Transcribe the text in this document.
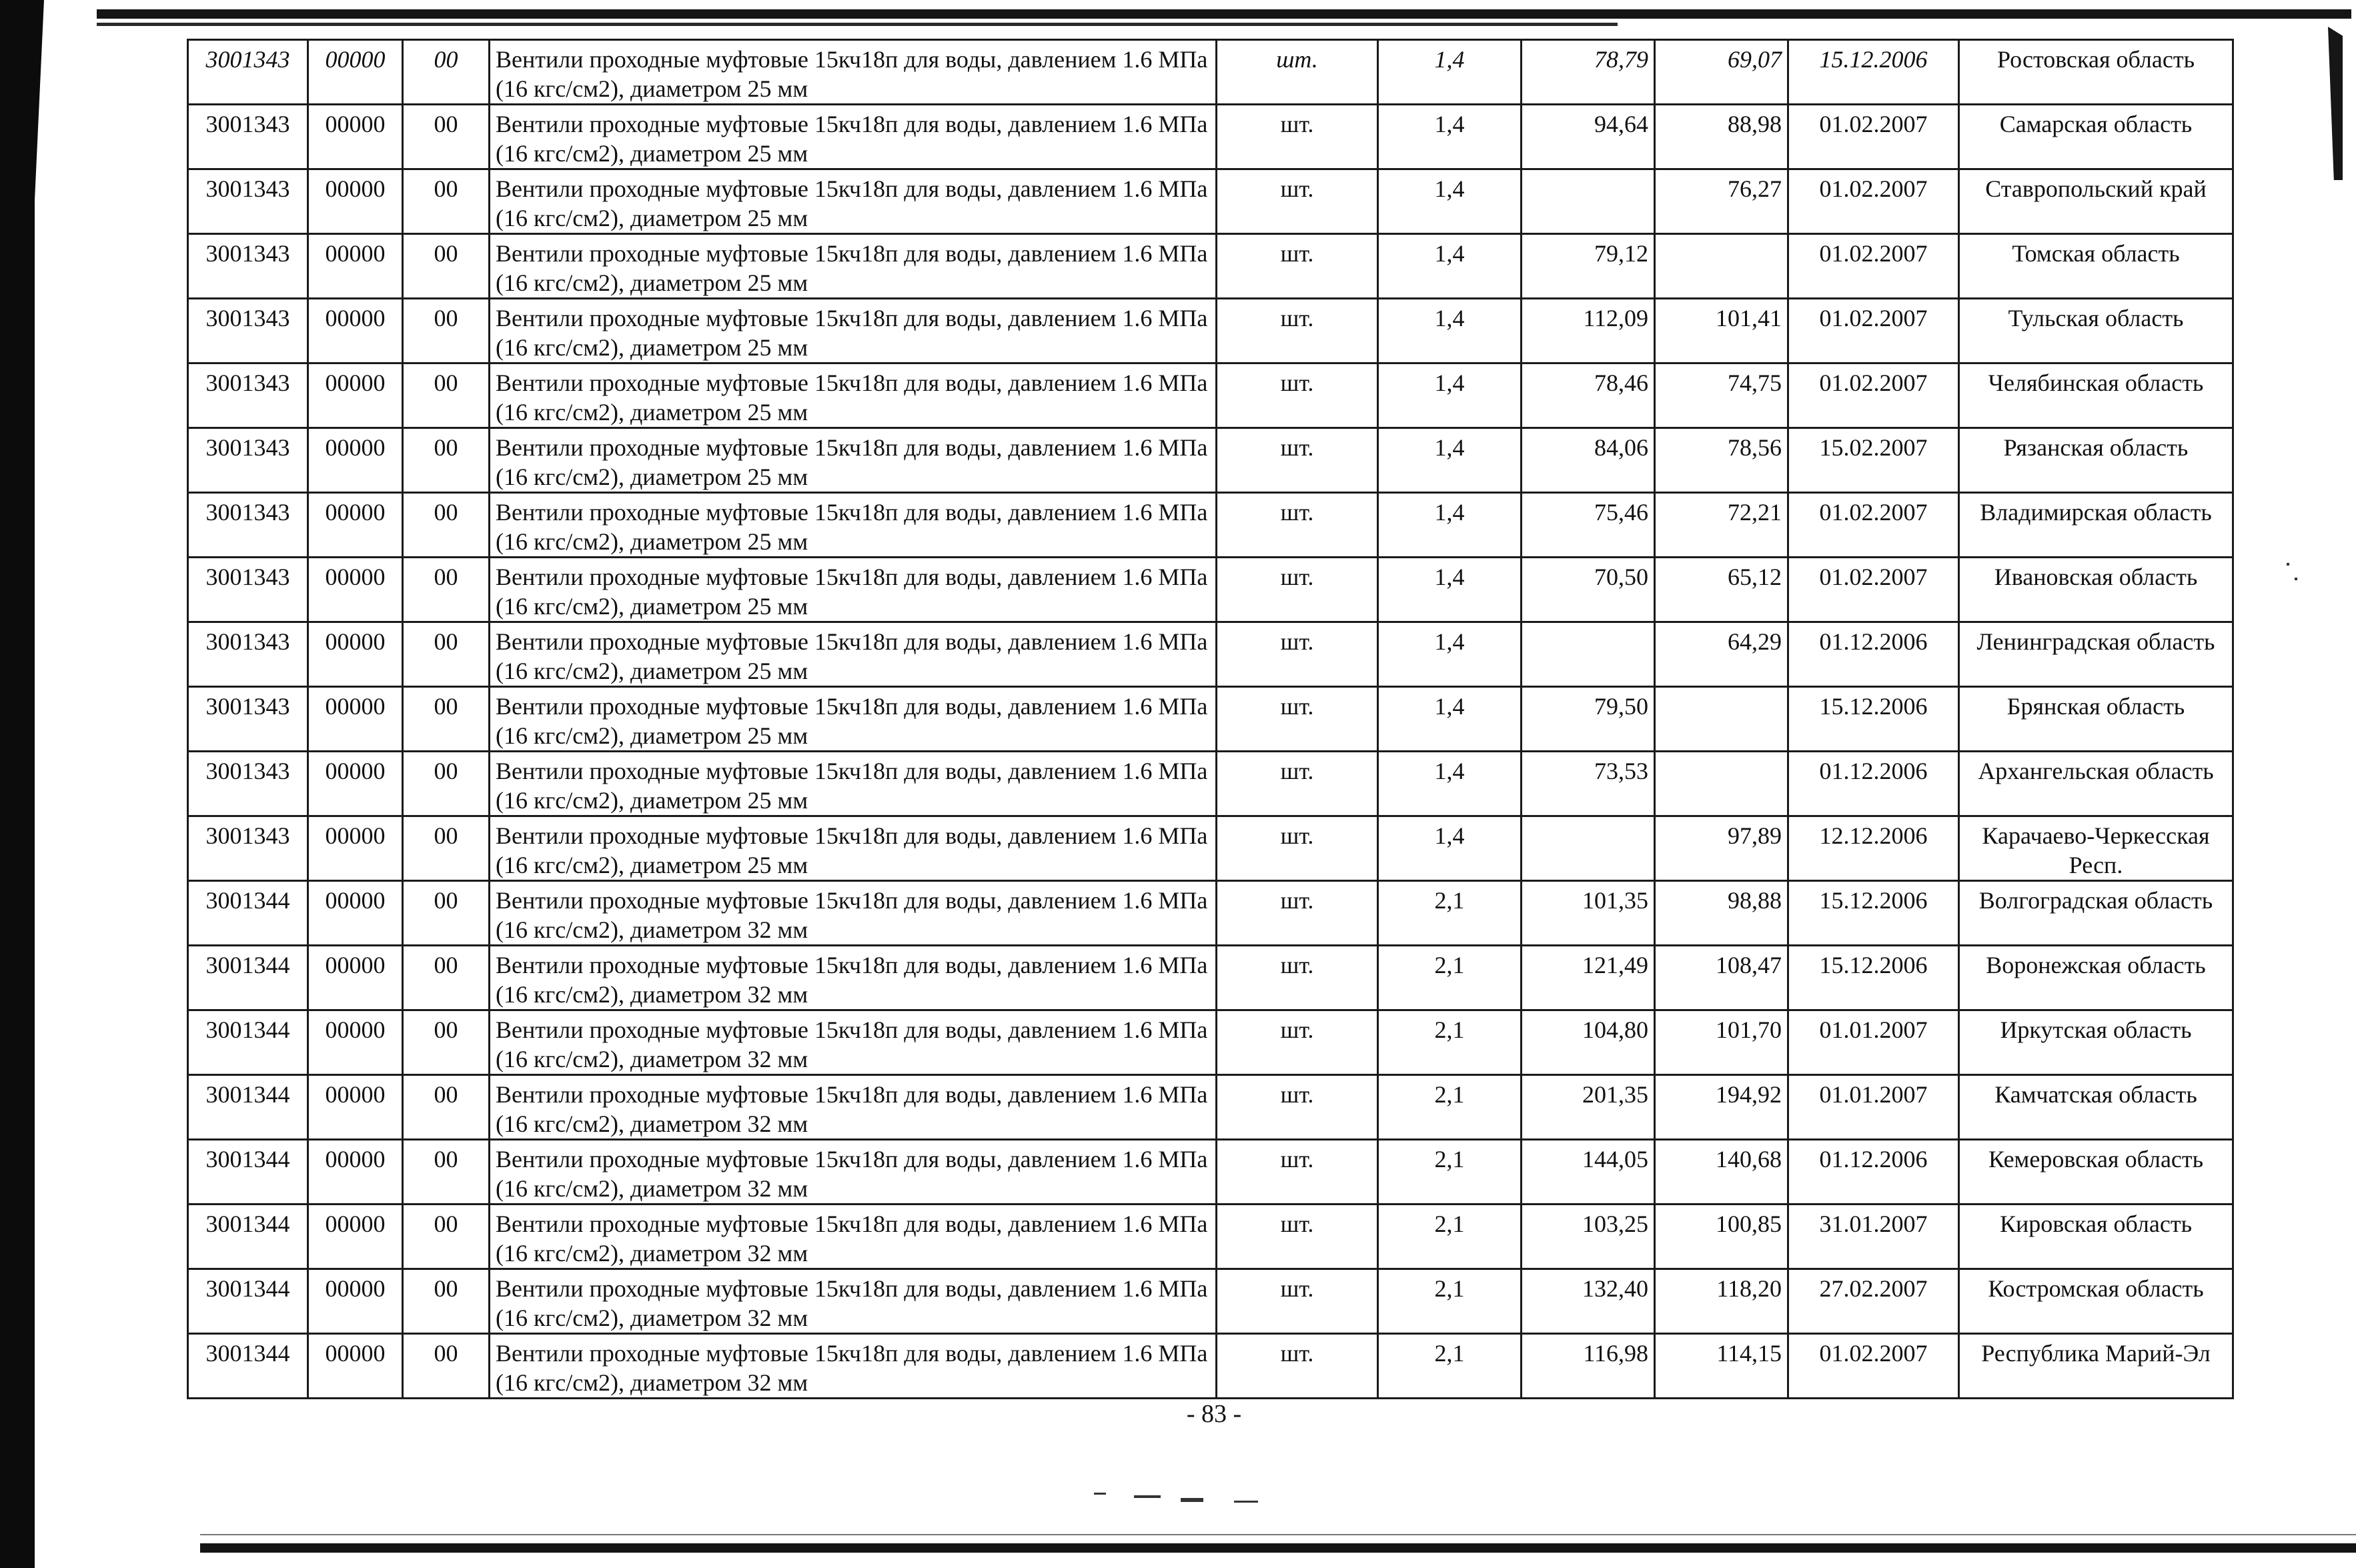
3001343	00000	00	Вентили проходные муфтовые 15кч18п для воды, давлением 1.6 МПа (16 кгс/см2), диаметром 25 мм	шт.	1,4	78,79	69,07	15.12.2006	Ростовская область
3001343	00000	00	Вентили проходные муфтовые 15кч18п для воды, давлением 1.6 МПа (16 кгс/см2), диаметром 25 мм	шт.	1,4	94,64	88,98	01.02.2007	Самарская область
3001343	00000	00	Вентили проходные муфтовые 15кч18п для воды, давлением 1.6 МПа (16 кгс/см2), диаметром 25 мм	шт.	1,4		76,27	01.02.2007	Ставропольский край
3001343	00000	00	Вентили проходные муфтовые 15кч18п для воды, давлением 1.6 МПа (16 кгс/см2), диаметром 25 мм	шт.	1,4	79,12		01.02.2007	Томская область
3001343	00000	00	Вентили проходные муфтовые 15кч18п для воды, давлением 1.6 МПа (16 кгс/см2), диаметром 25 мм	шт.	1,4	112,09	101,41	01.02.2007	Тульская область
3001343	00000	00	Вентили проходные муфтовые 15кч18п для воды, давлением 1.6 МПа (16 кгс/см2), диаметром 25 мм	шт.	1,4	78,46	74,75	01.02.2007	Челябинская область
3001343	00000	00	Вентили проходные муфтовые 15кч18п для воды, давлением 1.6 МПа (16 кгс/см2), диаметром 25 мм	шт.	1,4	84,06	78,56	15.02.2007	Рязанская область
3001343	00000	00	Вентили проходные муфтовые 15кч18п для воды, давлением 1.6 МПа (16 кгс/см2), диаметром 25 мм	шт.	1,4	75,46	72,21	01.02.2007	Владимирская область
3001343	00000	00	Вентили проходные муфтовые 15кч18п для воды, давлением 1.6 МПа (16 кгс/см2), диаметром 25 мм	шт.	1,4	70,50	65,12	01.02.2007	Ивановская область
3001343	00000	00	Вентили проходные муфтовые 15кч18п для воды, давлением 1.6 МПа (16 кгс/см2), диаметром 25 мм	шт.	1,4		64,29	01.12.2006	Ленинградская область
3001343	00000	00	Вентили проходные муфтовые 15кч18п для воды, давлением 1.6 МПа (16 кгс/см2), диаметром 25 мм	шт.	1,4	79,50		15.12.2006	Брянская область
3001343	00000	00	Вентили проходные муфтовые 15кч18п для воды, давлением 1.6 МПа (16 кгс/см2), диаметром 25 мм	шт.	1,4	73,53		01.12.2006	Архангельская область
3001343	00000	00	Вентили проходные муфтовые 15кч18п для воды, давлением 1.6 МПа (16 кгс/см2), диаметром 25 мм	шт.	1,4		97,89	12.12.2006	Карачаево-Черкесская Респ.
3001344	00000	00	Вентили проходные муфтовые 15кч18п для воды, давлением 1.6 МПа (16 кгс/см2), диаметром 32 мм	шт.	2,1	101,35	98,88	15.12.2006	Волгоградская область
3001344	00000	00	Вентили проходные муфтовые 15кч18п для воды, давлением 1.6 МПа (16 кгс/см2), диаметром 32 мм	шт.	2,1	121,49	108,47	15.12.2006	Воронежская область
3001344	00000	00	Вентили проходные муфтовые 15кч18п для воды, давлением 1.6 МПа (16 кгс/см2), диаметром 32 мм	шт.	2,1	104,80	101,70	01.01.2007	Иркутская область
3001344	00000	00	Вентили проходные муфтовые 15кч18п для воды, давлением 1.6 МПа (16 кгс/см2), диаметром 32 мм	шт.	2,1	201,35	194,92	01.01.2007	Камчатская область
3001344	00000	00	Вентили проходные муфтовые 15кч18п для воды, давлением 1.6 МПа (16 кгс/см2), диаметром 32 мм	шт.	2,1	144,05	140,68	01.12.2006	Кемеровская область
3001344	00000	00	Вентили проходные муфтовые 15кч18п для воды, давлением 1.6 МПа (16 кгс/см2), диаметром 32 мм	шт.	2,1	103,25	100,85	31.01.2007	Кировская область
3001344	00000	00	Вентили проходные муфтовые 15кч18п для воды, давлением 1.6 МПа (16 кгс/см2), диаметром 32 мм	шт.	2,1	132,40	118,20	27.02.2007	Костромская область
3001344	00000	00	Вентили проходные муфтовые 15кч18п для воды, давлением 1.6 МПа (16 кгс/см2), диаметром 32 мм	шт.	2,1	116,98	114,15	01.02.2007	Республика Марий-Эл
- 83 -
